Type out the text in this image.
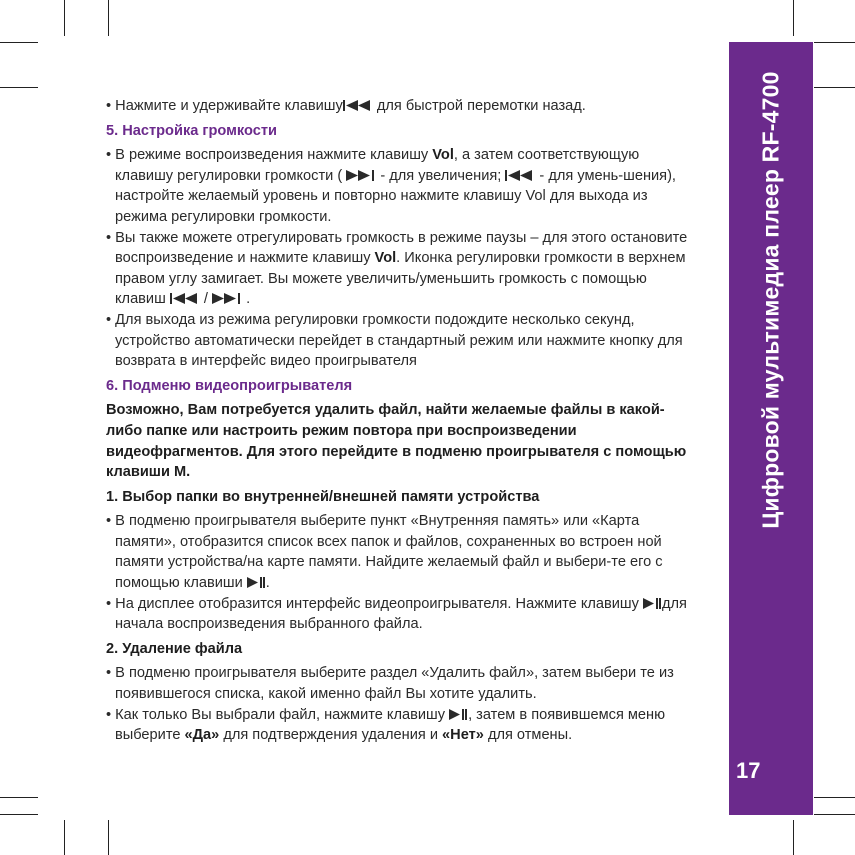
Цифровой мультимедиа плеер RF-4700
17

• Нажмите и удерживайте клавишу
для быстрой перемотки назад.

5. Настройка громкости

• В режиме воспроизведения нажмите клавишу Vol, а затем соответствующую клавишу регулировки громкости (
- для увеличения;
- для умень-шения), настройте желаемый уровень и повторно нажмите клавишу Vol для выхода из режима регулировки громкости.

• Вы также можете отрегулировать громкость в режиме паузы – для этого остановите воспроизведение и нажмите клавишу Vol. Иконка регулировки громкости в верхнем правом углу замигает. Вы можете увеличить/уменьшить громкость с помощью клавиш
/
.

• Для выхода из режима регулировки громкости подождите несколько секунд, устройство автоматически перейдет в стандартный режим или нажмите кнопку для возврата в интерфейс видео проигрывателя

6. Подменю видеопроигрывателя

Возможно, Вам потребуется удалить файл, найти желаемые файлы в какой-либо папке или настроить режим повтора при воспроизведении видеофрагментов. Для этого перейдите в подменю проигрывателя с помощью клавиши M.

1. Выбор папки во внутренней/внешней памяти устройства

• В подменю проигрывателя выберите пункт «Внутренняя память» или «Карта памяти», отобразится список всех папок и файлов, сохраненных во встроен ной памяти устройства/на карте памяти. Найдите желаемый файл и выбери-те его с помощью клавиши
.

• На дисплее отобразится интерфейс видеопроигрывателя. Нажмите клавишу
для начала воспроизведения выбранного файла.

2. Удаление файла

• В подменю проигрывателя выберите раздел «Удалить файл», затем выбери те из появившегося списка, какой именно файл Вы хотите удалить.

• Как только Вы выбрали файл, нажмите клавишу
, затем в появившемся меню выберите «Да» для подтверждения удаления и «Нет» для отмены.
